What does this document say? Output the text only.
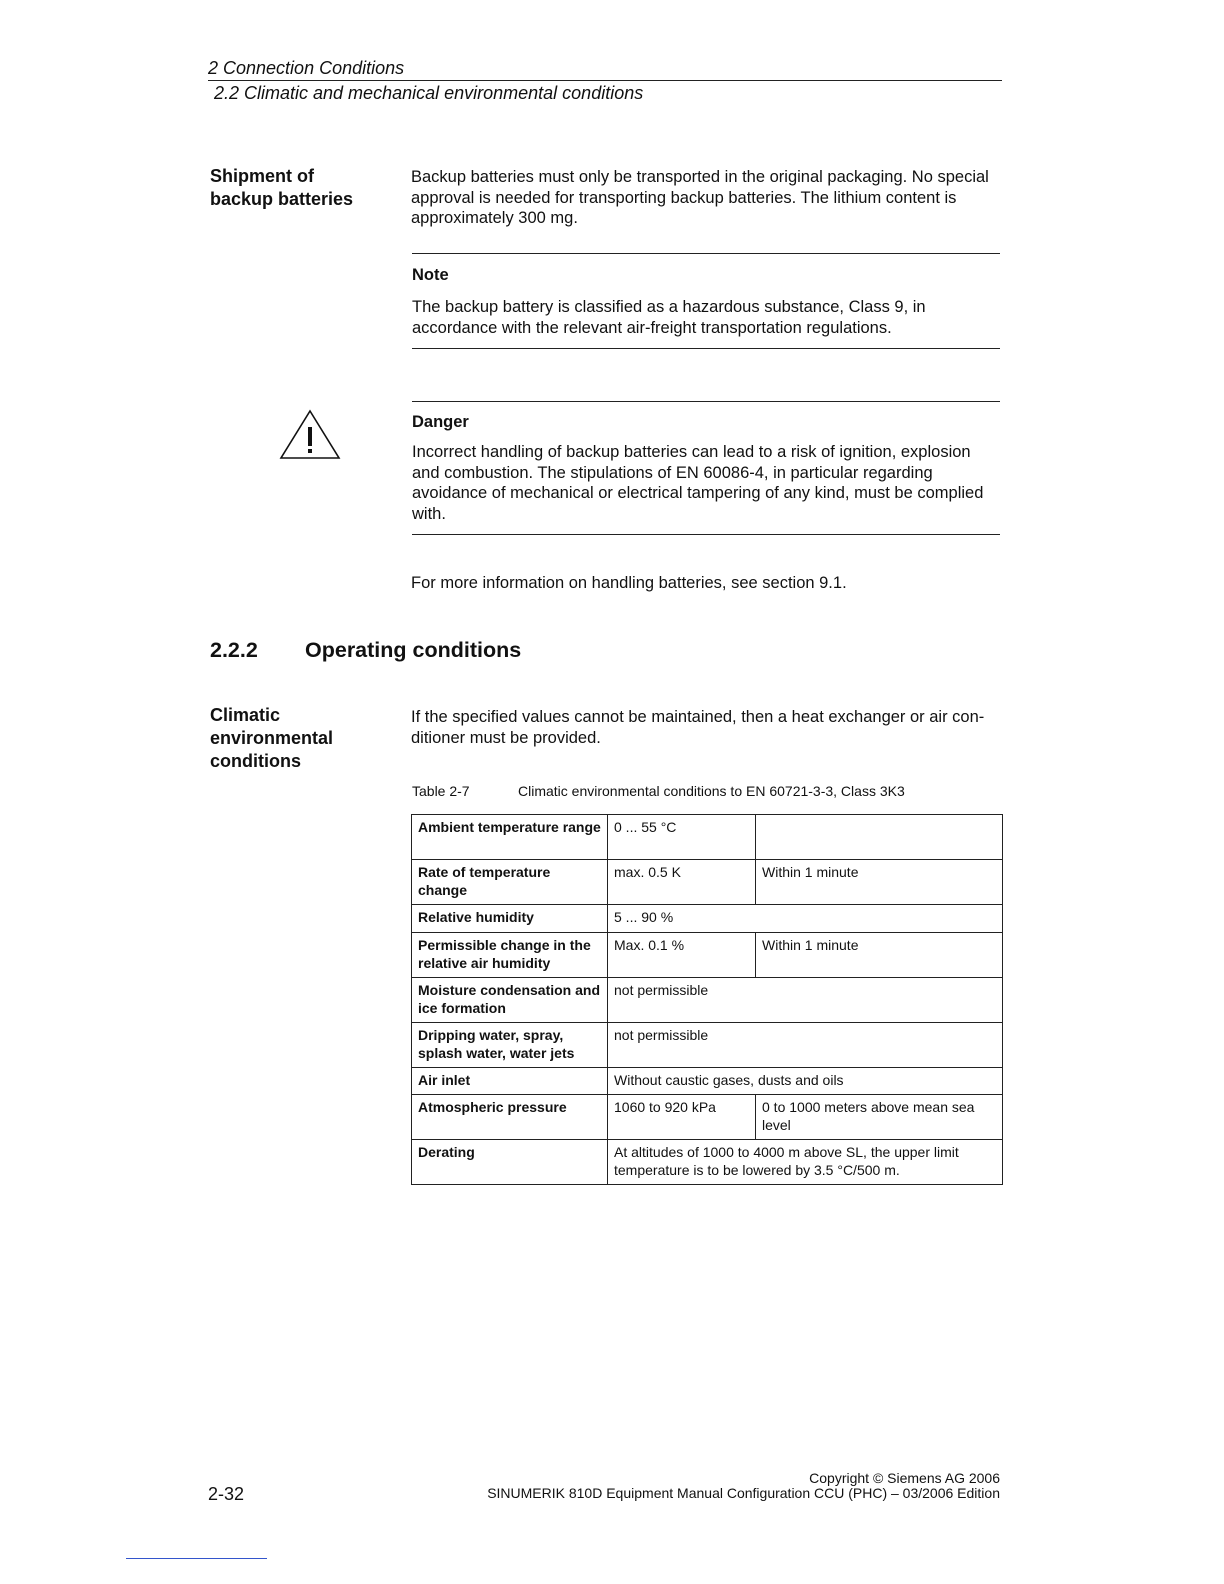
2 Connection Conditions
2.2 Climatic and mechanical environmental conditions
Shipment of
backup batteries
Backup batteries must only be transported in the original packaging. No special approval is needed for transporting backup batteries. The lithium content is approximately 300 mg.
Note
The backup battery is classified as a hazardous substance, Class 9, in accordance with the relevant air-freight transportation regulations.
Danger
Incorrect handling of backup batteries can lead to a risk of ignition, explosion and combustion. The stipulations of EN 60086-4, in particular regarding avoidance of mechanical or electrical tampering of any kind, must be complied with.
For more information on handling batteries, see section 9.1.
2.2.2 Operating conditions
Climatic
environmental
conditions
If the specified values cannot be maintained, then a heat exchanger or air con-
ditioner must be provided.
Table 2-7	Climatic environmental conditions to EN 60721-3-3, Class 3K3
Ambient temperature range	0 ... 55 °C	
Rate of temperature change	max. 0.5 K	Within 1 minute
Relative humidity	5 ... 90 %	
Permissible change in the relative air humidity	Max. 0.1 %	Within 1 minute
Moisture condensation and ice formation	not permissible	
Dripping water, spray, splash water, water jets	not permissible	
Air inlet	Without caustic gases, dusts and oils	
Atmospheric pressure	1060 to 920 kPa	0 to 1000 meters above mean sea level
Derating	At altitudes of 1000 to 4000 m above SL, the upper limit temperature is to be lowered by 3.5 °C/500 m.	
2-32
Copyright © Siemens AG 2006
SINUMERIK 810D Equipment Manual Configuration CCU (PHC) – 03/2006 Edition
